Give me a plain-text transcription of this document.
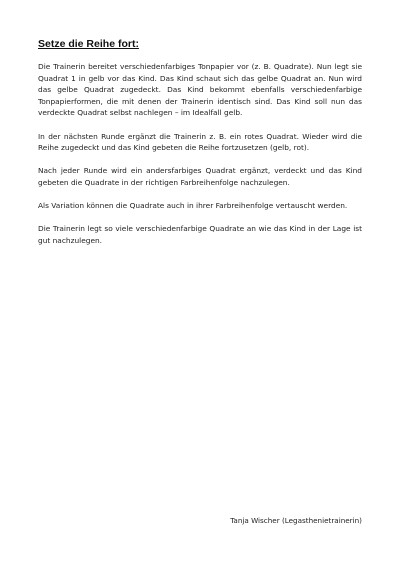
Setze die Reihe fort:

Die Trainerin bereitet verschiedenfarbiges Tonpapier vor (z. B. Quadrate). Nun legt sie Quadrat 1 in gelb vor das Kind. Das Kind schaut sich das gelbe Quadrat an. Nun wird das gelbe Quadrat zugedeckt. Das Kind bekommt ebenfalls verschiedenfarbige Tonpapierformen, die mit denen der Trainerin identisch sind. Das Kind soll nun das verdeckte Quadrat selbst nachlegen – im Idealfall gelb.

In der nächsten Runde ergänzt die Trainerin z. B. ein rotes Quadrat. Wieder wird die Reihe zugedeckt und das Kind gebeten die Reihe fortzusetzen (gelb, rot).

Nach jeder Runde wird ein andersfarbiges Quadrat ergänzt, verdeckt und das Kind gebeten die Quadrate in der richtigen Farbreihenfolge nachzulegen.

Als Variation können die Quadrate auch in ihrer Farbreihenfolge vertauscht werden.

Die Trainerin legt so viele verschiedenfarbige Quadrate an wie das Kind in der Lage ist gut nachzulegen.

Tanja Wischer (Legasthenietrainerin)
